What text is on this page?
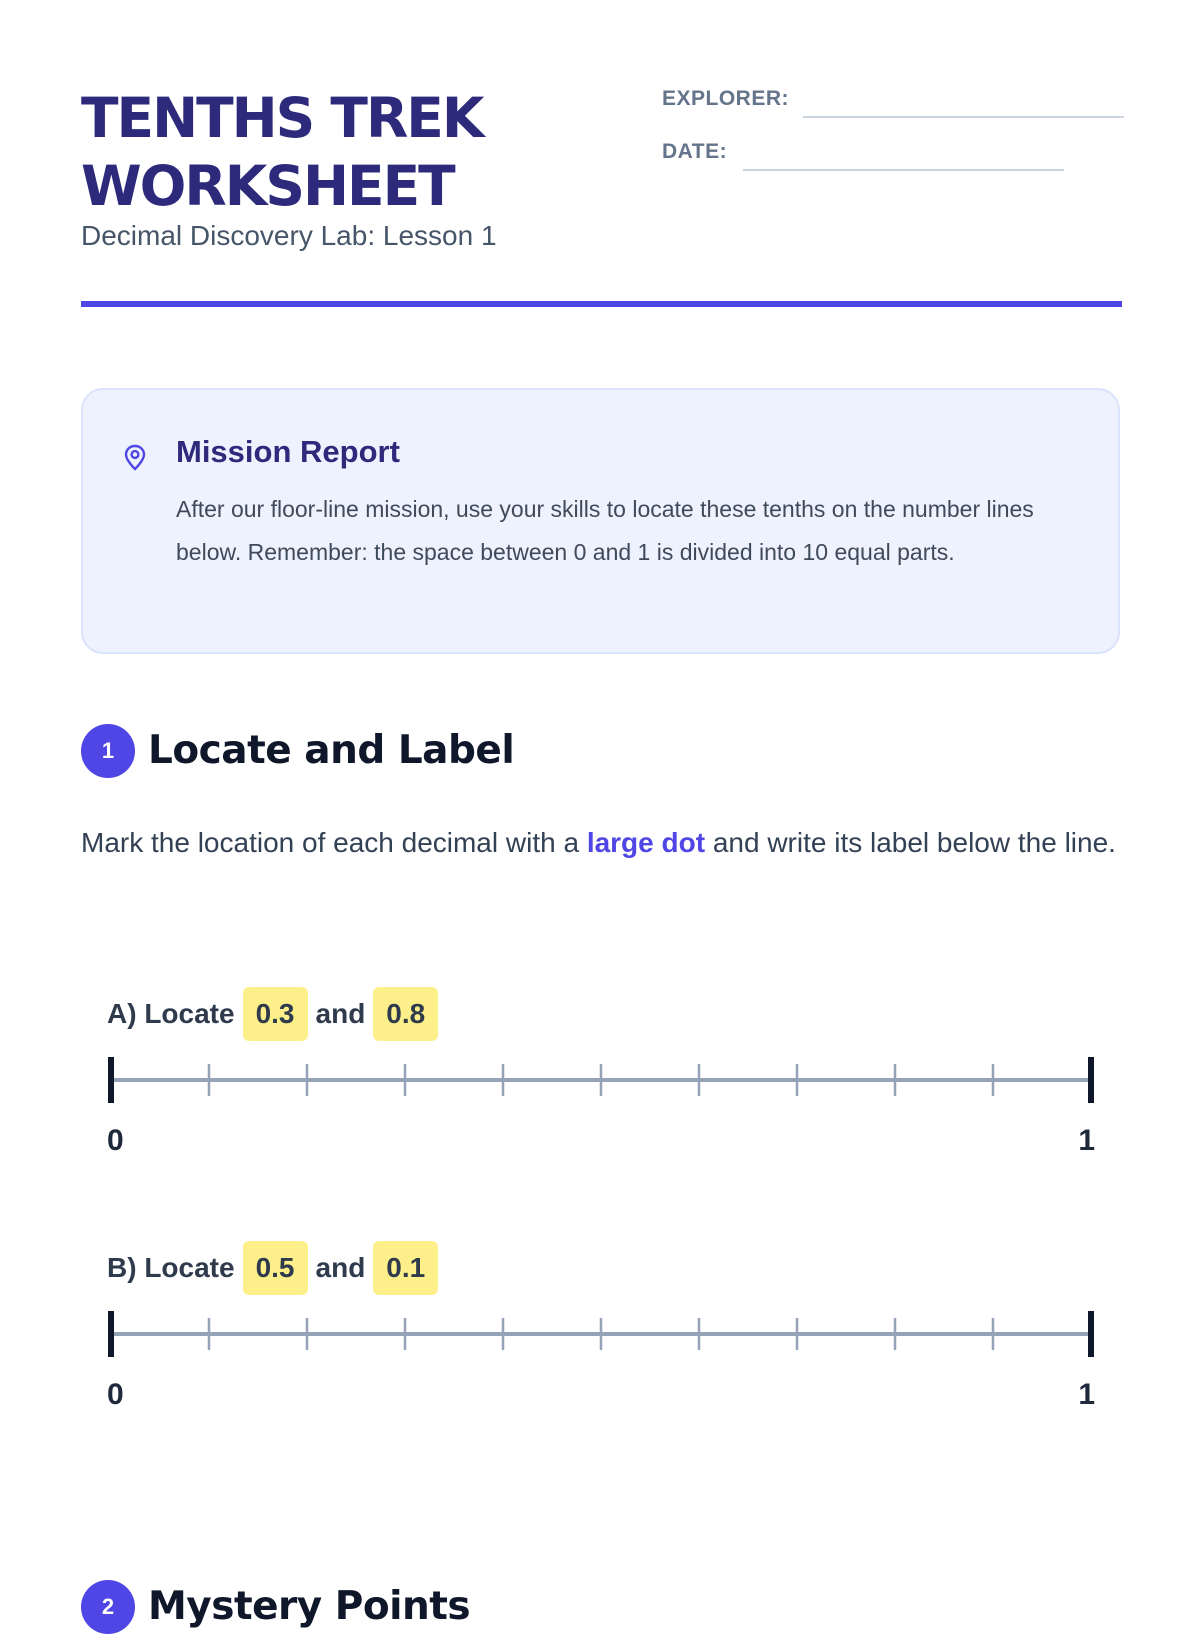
TENTHS TREK
WORKSHEET
Decimal Discovery Lab: Lesson 1
EXPLORER:
DATE:
Mission Report
After our floor-line mission, use your skills to locate these tenths on the number lines below. Remember: the space between 0 and 1 is divided into 10 equal parts.
1 Locate and Label
Mark the location of each decimal with a large dot and write its label below the line.
A) Locate 0.3 and 0.8
0	1
B) Locate 0.5 and 0.1
0	1
2 Mystery Points
